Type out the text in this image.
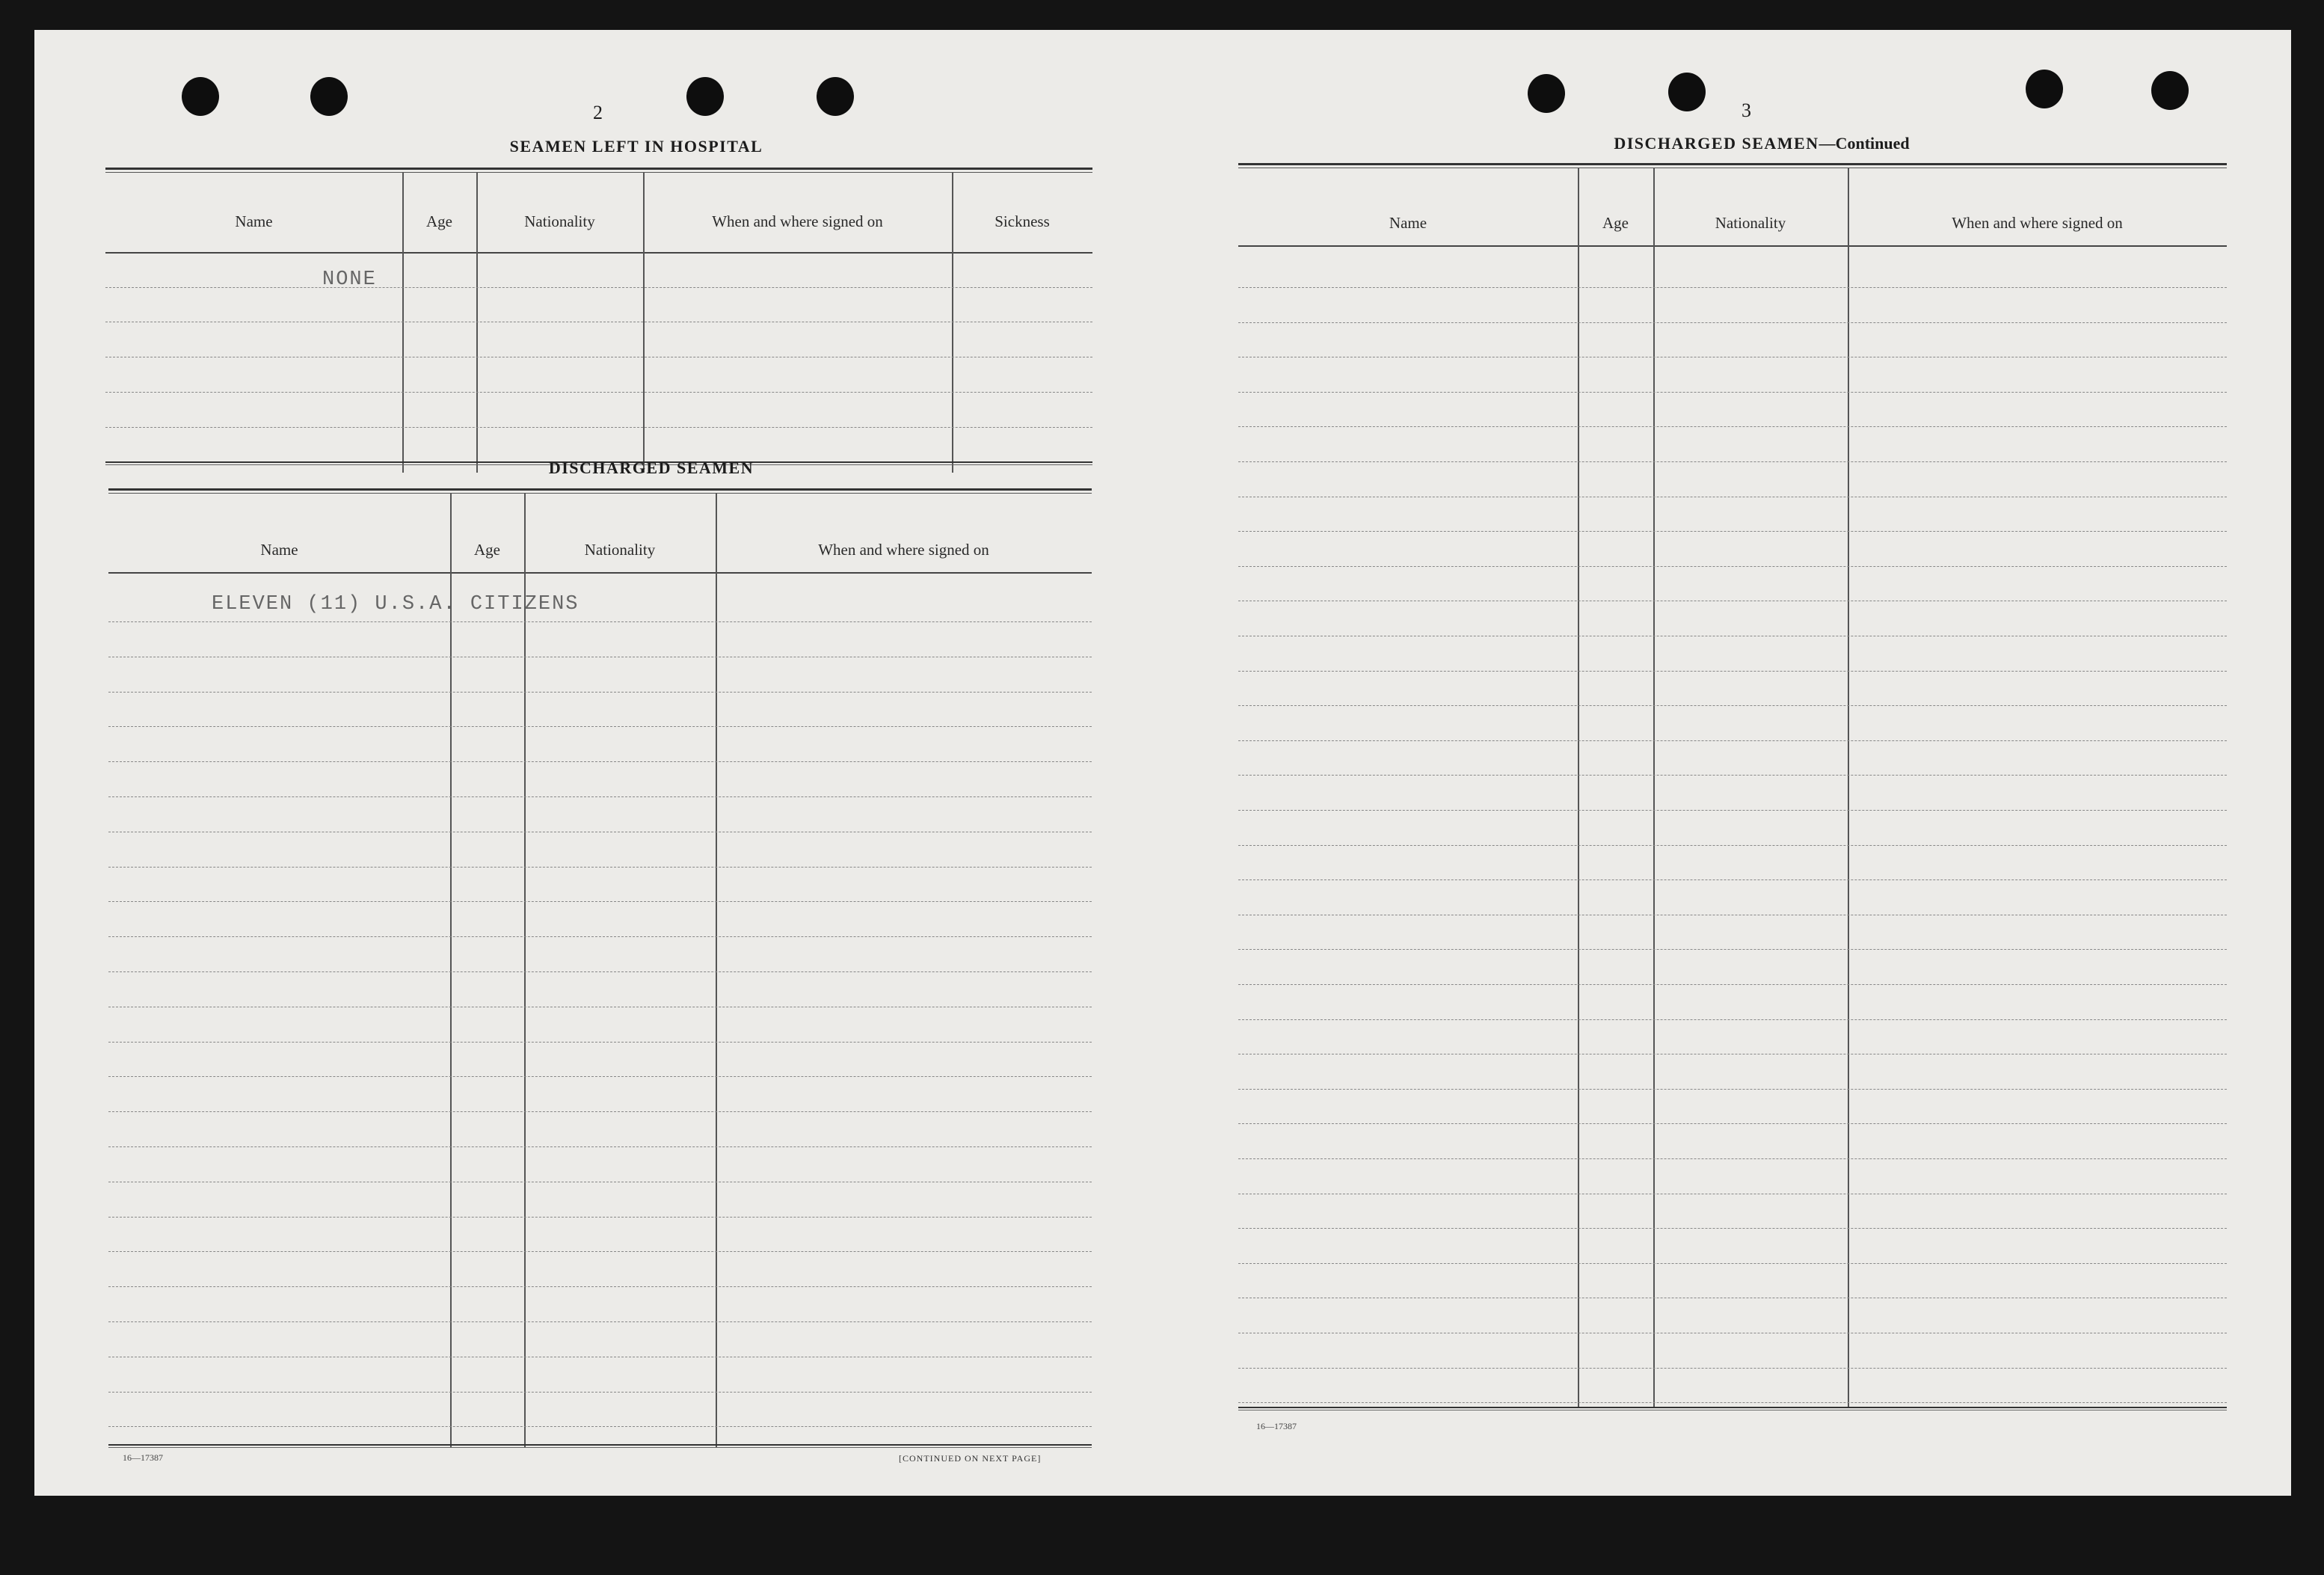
2
SEAMEN LEFT IN HOSPITAL
Name	Age	Nationality	When and where signed on	Sickness
NONE
DISCHARGED SEAMEN
Name	Age	Nationality	When and where signed on
ELEVEN (11) U.S.A. CITIZENS
16—17387	[CONTINUED ON NEXT PAGE]
3
DISCHARGED SEAMEN—Continued
Name	Age	Nationality	When and where signed on
16—17387
